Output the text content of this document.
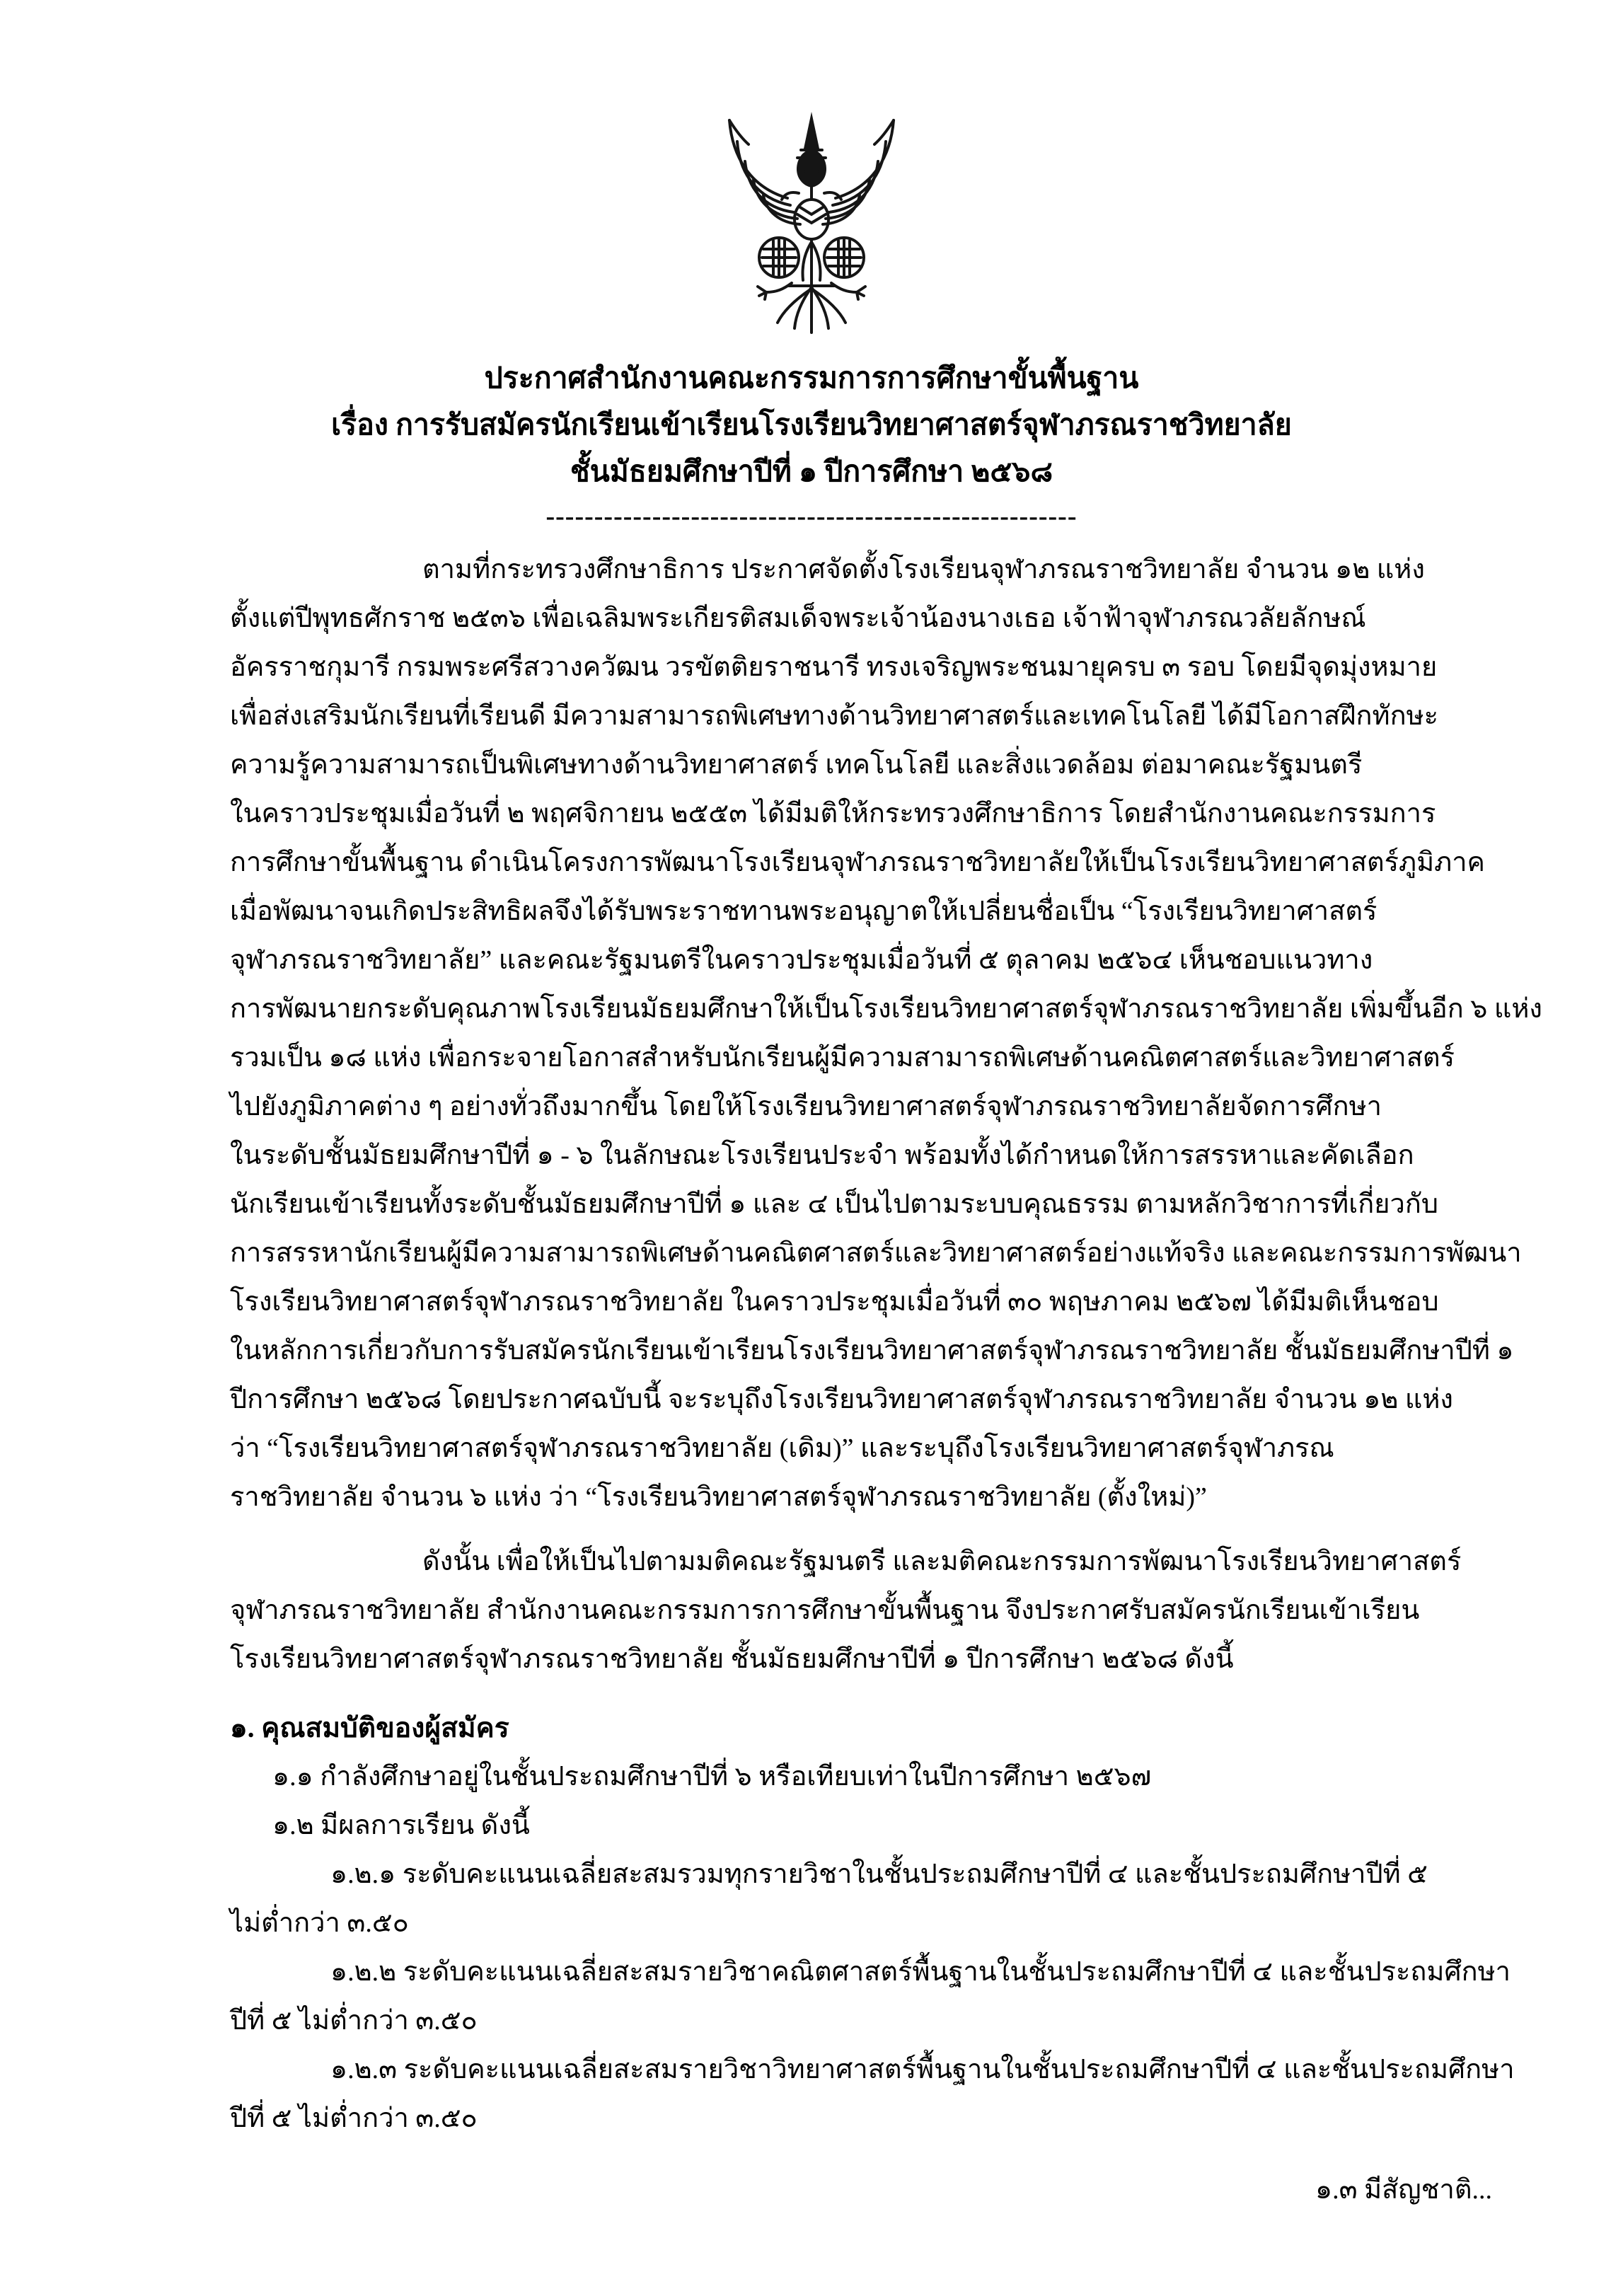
ประกาศสำนักงานคณะกรรมการการศึกษาขั้นพื้นฐาน
เรื่อง การรับสมัครนักเรียนเข้าเรียนโรงเรียนวิทยาศาสตร์จุฬาภรณราชวิทยาลัย
ชั้นมัธยมศึกษาปีที่ ๑ ปีการศึกษา ๒๕๖๘
-------------------------------------------------------
ตามที่กระทรวงศึกษาธิการ ประกาศจัดตั้งโรงเรียนจุฬาภรณราชวิทยาลัย จำนวน ๑๒ แห่ง
ตั้งแต่ปีพุทธศักราช ๒๕๓๖ เพื่อเฉลิมพระเกียรติสมเด็จพระเจ้าน้องนางเธอ เจ้าฟ้าจุฬาภรณวลัยลักษณ์
อัครราชกุมารี กรมพระศรีสวางควัฒน วรขัตติยราชนารี ทรงเจริญพระชนมายุครบ ๓ รอบ โดยมีจุดมุ่งหมาย
เพื่อส่งเสริมนักเรียนที่เรียนดี มีความสามารถพิเศษทางด้านวิทยาศาสตร์และเทคโนโลยี ได้มีโอกาสฝึกทักษะ
ความรู้ความสามารถเป็นพิเศษทางด้านวิทยาศาสตร์ เทคโนโลยี และสิ่งแวดล้อม ต่อมาคณะรัฐมนตรี
ในคราวประชุมเมื่อวันที่ ๒ พฤศจิกายน ๒๕๕๓ ได้มีมติให้กระทรวงศึกษาธิการ โดยสำนักงานคณะกรรมการ
การศึกษาขั้นพื้นฐาน ดำเนินโครงการพัฒนาโรงเรียนจุฬาภรณราชวิทยาลัยให้เป็นโรงเรียนวิทยาศาสตร์ภูมิภาค
เมื่อพัฒนาจนเกิดประสิทธิผลจึงได้รับพระราชทานพระอนุญาตให้เปลี่ยนชื่อเป็น “โรงเรียนวิทยาศาสตร์
จุฬาภรณราชวิทยาลัย” และคณะรัฐมนตรีในคราวประชุมเมื่อวันที่ ๕ ตุลาคม ๒๕๖๔ เห็นชอบแนวทาง
การพัฒนายกระดับคุณภาพโรงเรียนมัธยมศึกษาให้เป็นโรงเรียนวิทยาศาสตร์จุฬาภรณราชวิทยาลัย เพิ่มขึ้นอีก ๖ แห่ง
รวมเป็น ๑๘ แห่ง เพื่อกระจายโอกาสสำหรับนักเรียนผู้มีความสามารถพิเศษด้านคณิตศาสตร์และวิทยาศาสตร์
ไปยังภูมิภาคต่าง ๆ อย่างทั่วถึงมากขึ้น โดยให้โรงเรียนวิทยาศาสตร์จุฬาภรณราชวิทยาลัยจัดการศึกษา
ในระดับชั้นมัธยมศึกษาปีที่ ๑ - ๖ ในลักษณะโรงเรียนประจำ พร้อมทั้งได้กำหนดให้การสรรหาและคัดเลือก
นักเรียนเข้าเรียนทั้งระดับชั้นมัธยมศึกษาปีที่ ๑ และ ๔ เป็นไปตามระบบคุณธรรม ตามหลักวิชาการที่เกี่ยวกับ
การสรรหานักเรียนผู้มีความสามารถพิเศษด้านคณิตศาสตร์และวิทยาศาสตร์อย่างแท้จริง และคณะกรรมการพัฒนา
โรงเรียนวิทยาศาสตร์จุฬาภรณราชวิทยาลัย ในคราวประชุมเมื่อวันที่ ๓๐ พฤษภาคม ๒๕๖๗ ได้มีมติเห็นชอบ
ในหลักการเกี่ยวกับการรับสมัครนักเรียนเข้าเรียนโรงเรียนวิทยาศาสตร์จุฬาภรณราชวิทยาลัย ชั้นมัธยมศึกษาปีที่ ๑
ปีการศึกษา ๒๕๖๘ โดยประกาศฉบับนี้ จะระบุถึงโรงเรียนวิทยาศาสตร์จุฬาภรณราชวิทยาลัย จำนวน ๑๒ แห่ง
ว่า “โรงเรียนวิทยาศาสตร์จุฬาภรณราชวิทยาลัย (เดิม)” และระบุถึงโรงเรียนวิทยาศาสตร์จุฬาภรณ
ราชวิทยาลัย จำนวน ๖ แห่ง ว่า “โรงเรียนวิทยาศาสตร์จุฬาภรณราชวิทยาลัย (ตั้งใหม่)”
ดังนั้น เพื่อให้เป็นไปตามมติคณะรัฐมนตรี และมติคณะกรรมการพัฒนาโรงเรียนวิทยาศาสตร์
จุฬาภรณราชวิทยาลัย สำนักงานคณะกรรมการการศึกษาขั้นพื้นฐาน จึงประกาศรับสมัครนักเรียนเข้าเรียน
โรงเรียนวิทยาศาสตร์จุฬาภรณราชวิทยาลัย ชั้นมัธยมศึกษาปีที่ ๑ ปีการศึกษา ๒๕๖๘ ดังนี้
๑. คุณสมบัติของผู้สมัคร
๑.๑ กำลังศึกษาอยู่ในชั้นประถมศึกษาปีที่ ๖ หรือเทียบเท่าในปีการศึกษา ๒๕๖๗
๑.๒ มีผลการเรียน ดังนี้
๑.๒.๑ ระดับคะแนนเฉลี่ยสะสมรวมทุกรายวิชาในชั้นประถมศึกษาปีที่ ๔ และชั้นประถมศึกษาปีที่ ๕
ไม่ต่ำกว่า ๓.๕๐
๑.๒.๒ ระดับคะแนนเฉลี่ยสะสมรายวิชาคณิตศาสตร์พื้นฐานในชั้นประถมศึกษาปีที่ ๔ และชั้นประถมศึกษา
ปีที่ ๕ ไม่ต่ำกว่า ๓.๕๐
๑.๒.๓ ระดับคะแนนเฉลี่ยสะสมรายวิชาวิทยาศาสตร์พื้นฐานในชั้นประถมศึกษาปีที่ ๔ และชั้นประถมศึกษา
ปีที่ ๕ ไม่ต่ำกว่า ๓.๕๐
๑.๓ มีสัญชาติ...
